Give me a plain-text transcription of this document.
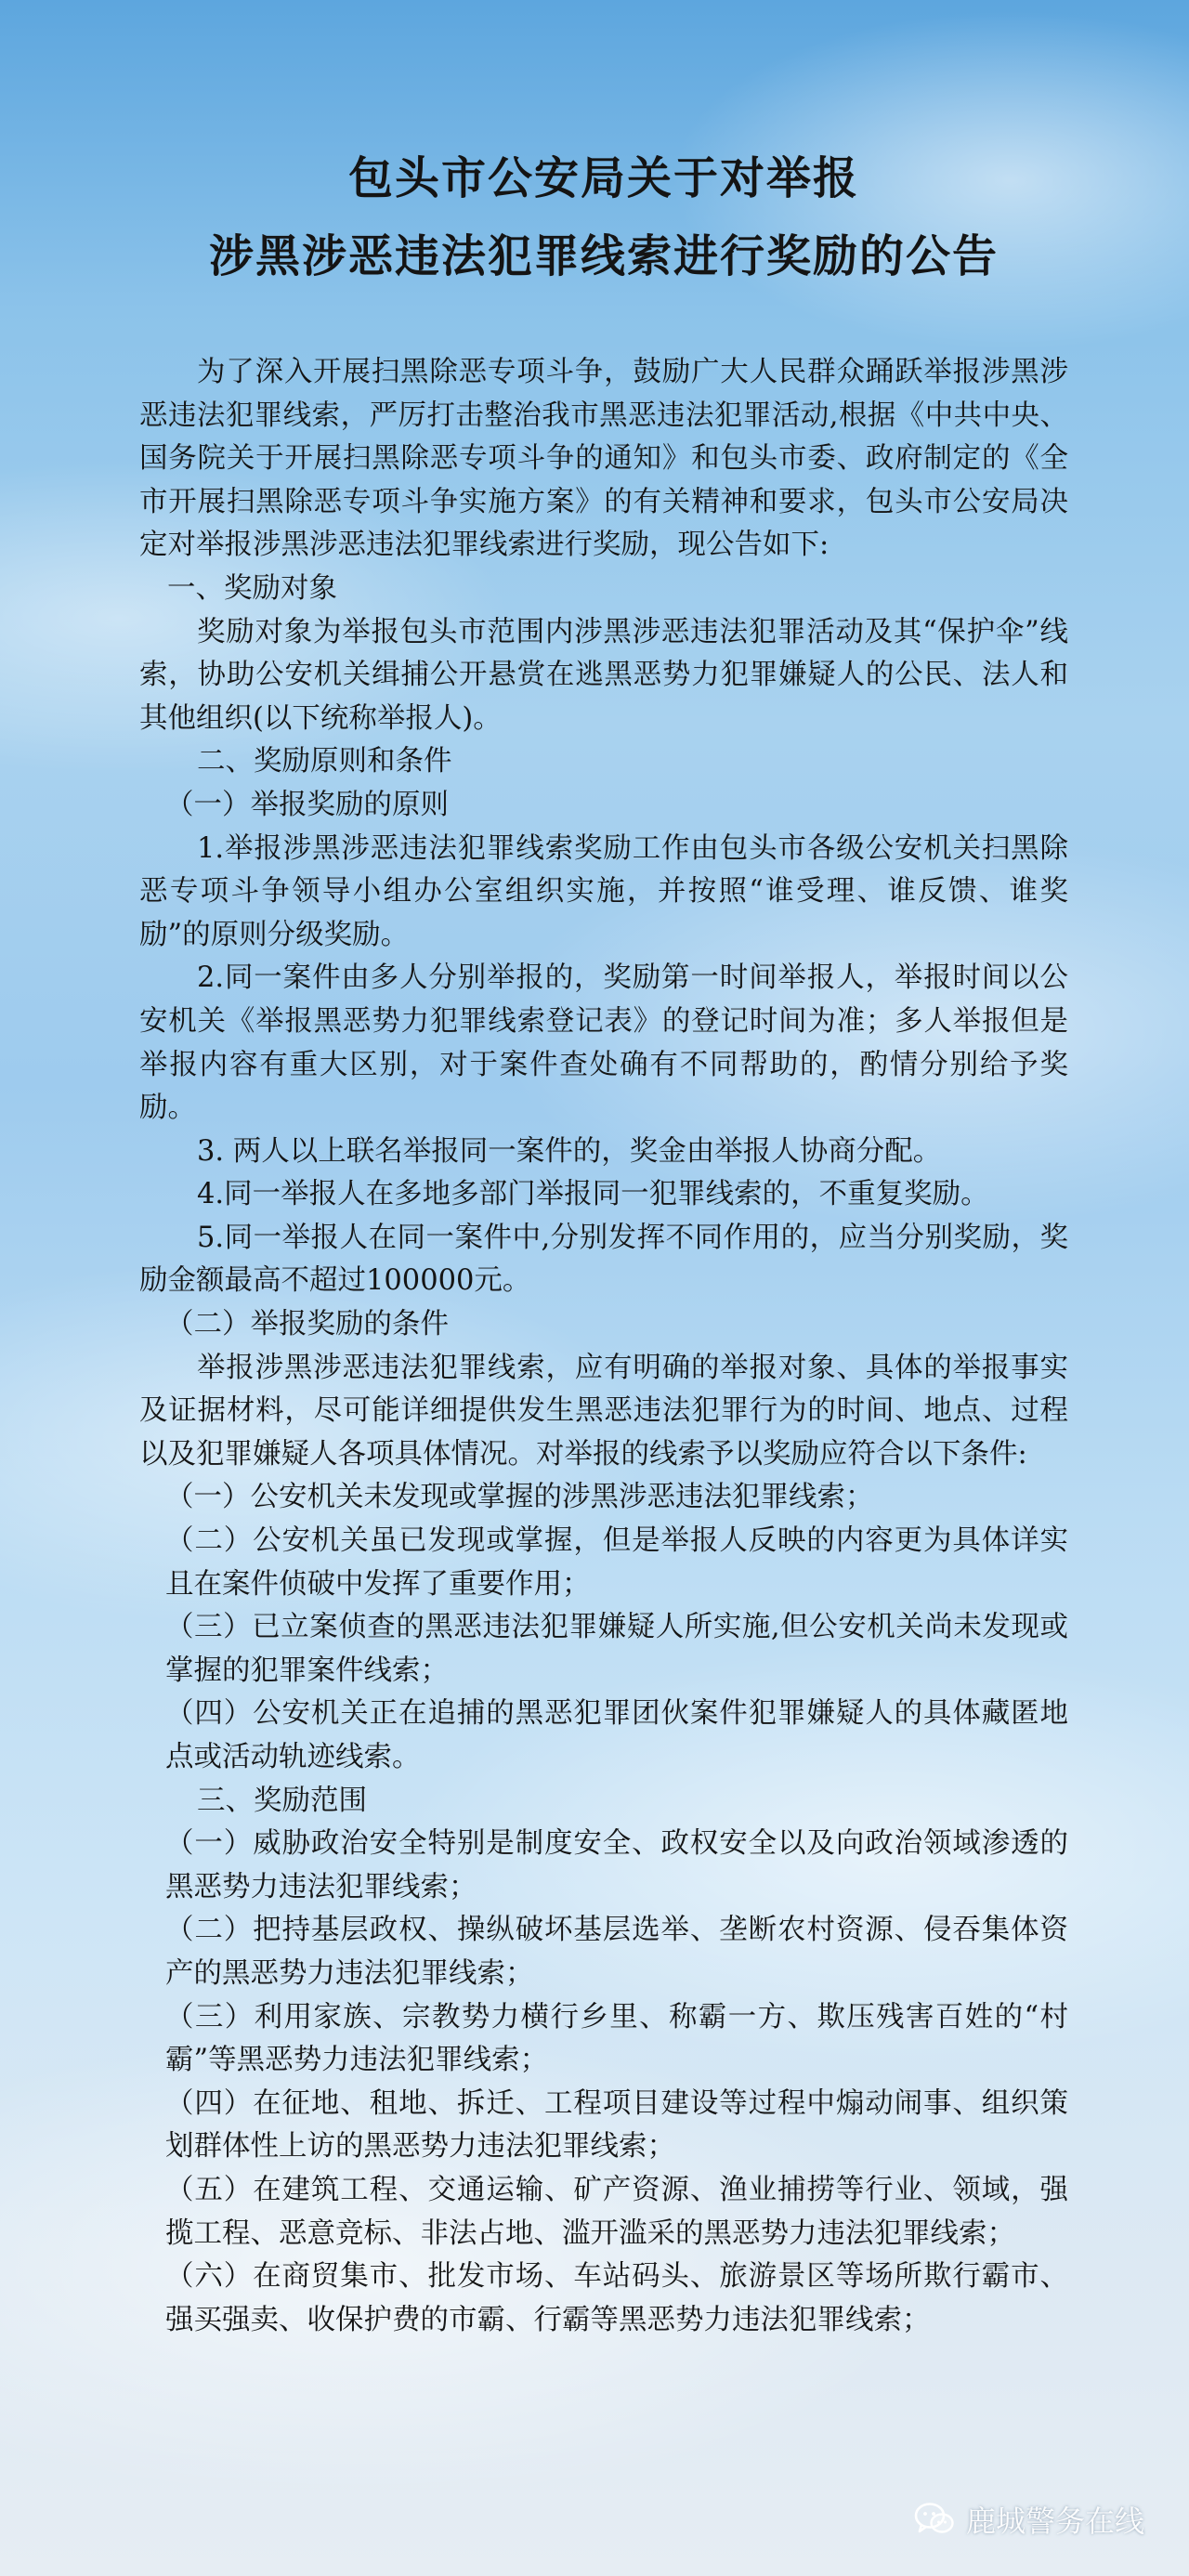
包头市公安局关于对举报
涉黑涉恶违法犯罪线索进行奖励的公告

为了深入开展扫黑除恶专项斗争，鼓励广大人民群众踊跃举报涉黑涉恶违法犯罪线索，严厉打击整治我市黑恶违法犯罪活动,根据《中共中央、国务院关于开展扫黑除恶专项斗争的通知》和包头市委、政府制定的《全市开展扫黑除恶专项斗争实施方案》的有关精神和要求，包头市公安局决定对举报涉黑涉恶违法犯罪线索进行奖励，现公告如下:

一、奖励对象

奖励对象为举报包头市范围内涉黑涉恶违法犯罪活动及其“保护伞”线索，协助公安机关缉捕公开悬赏在逃黑恶势力犯罪嫌疑人的公民、法人和其他组织(以下统称举报人)。

二、奖励原则和条件

（一）举报奖励的原则

1.举报涉黑涉恶违法犯罪线索奖励工作由包头市各级公安机关扫黑除恶专项斗争领导小组办公室组织实施，并按照“谁受理、谁反馈、谁奖励”的原则分级奖励。

2.同一案件由多人分别举报的，奖励第一时间举报人，举报时间以公安机关《举报黑恶势力犯罪线索登记表》的登记时间为准；多人举报但是举报内容有重大区别，对于案件查处确有不同帮助的，酌情分别给予奖励。

3. 两人以上联名举报同一案件的，奖金由举报人协商分配。

4.同一举报人在多地多部门举报同一犯罪线索的，不重复奖励。

5.同一举报人在同一案件中,分别发挥不同作用的，应当分别奖励，奖励金额最高不超过100000元。

（二）举报奖励的条件

举报涉黑涉恶违法犯罪线索，应有明确的举报对象、具体的举报事实及证据材料，尽可能详细提供发生黑恶违法犯罪行为的时间、地点、过程以及犯罪嫌疑人各项具体情况。对举报的线索予以奖励应符合以下条件:

（一）公安机关未发现或掌握的涉黑涉恶违法犯罪线索；

（二）公安机关虽已发现或掌握，但是举报人反映的内容更为具体详实且在案件侦破中发挥了重要作用；

（三）已立案侦查的黑恶违法犯罪嫌疑人所实施,但公安机关尚未发现或掌握的犯罪案件线索；

（四）公安机关正在追捕的黑恶犯罪团伙案件犯罪嫌疑人的具体藏匿地点或活动轨迹线索。

三、奖励范围

（一）威胁政治安全特别是制度安全、政权安全以及向政治领域渗透的黑恶势力违法犯罪线索；

（二）把持基层政权、操纵破坏基层选举、垄断农村资源、侵吞集体资产的黑恶势力违法犯罪线索；

（三）利用家族、宗教势力横行乡里、称霸一方、欺压残害百姓的“村霸”等黑恶势力违法犯罪线索；

（四）在征地、租地、拆迁、工程项目建设等过程中煽动闹事、组织策划群体性上访的黑恶势力违法犯罪线索；

（五）在建筑工程、交通运输、矿产资源、渔业捕捞等行业、领域，强揽工程、恶意竞标、非法占地、滥开滥采的黑恶势力违法犯罪线索；

（六）在商贸集市、批发市场、车站码头、旅游景区等场所欺行霸市、强买强卖、收保护费的市霸、行霸等黑恶势力违法犯罪线索；

鹿城警务在线
